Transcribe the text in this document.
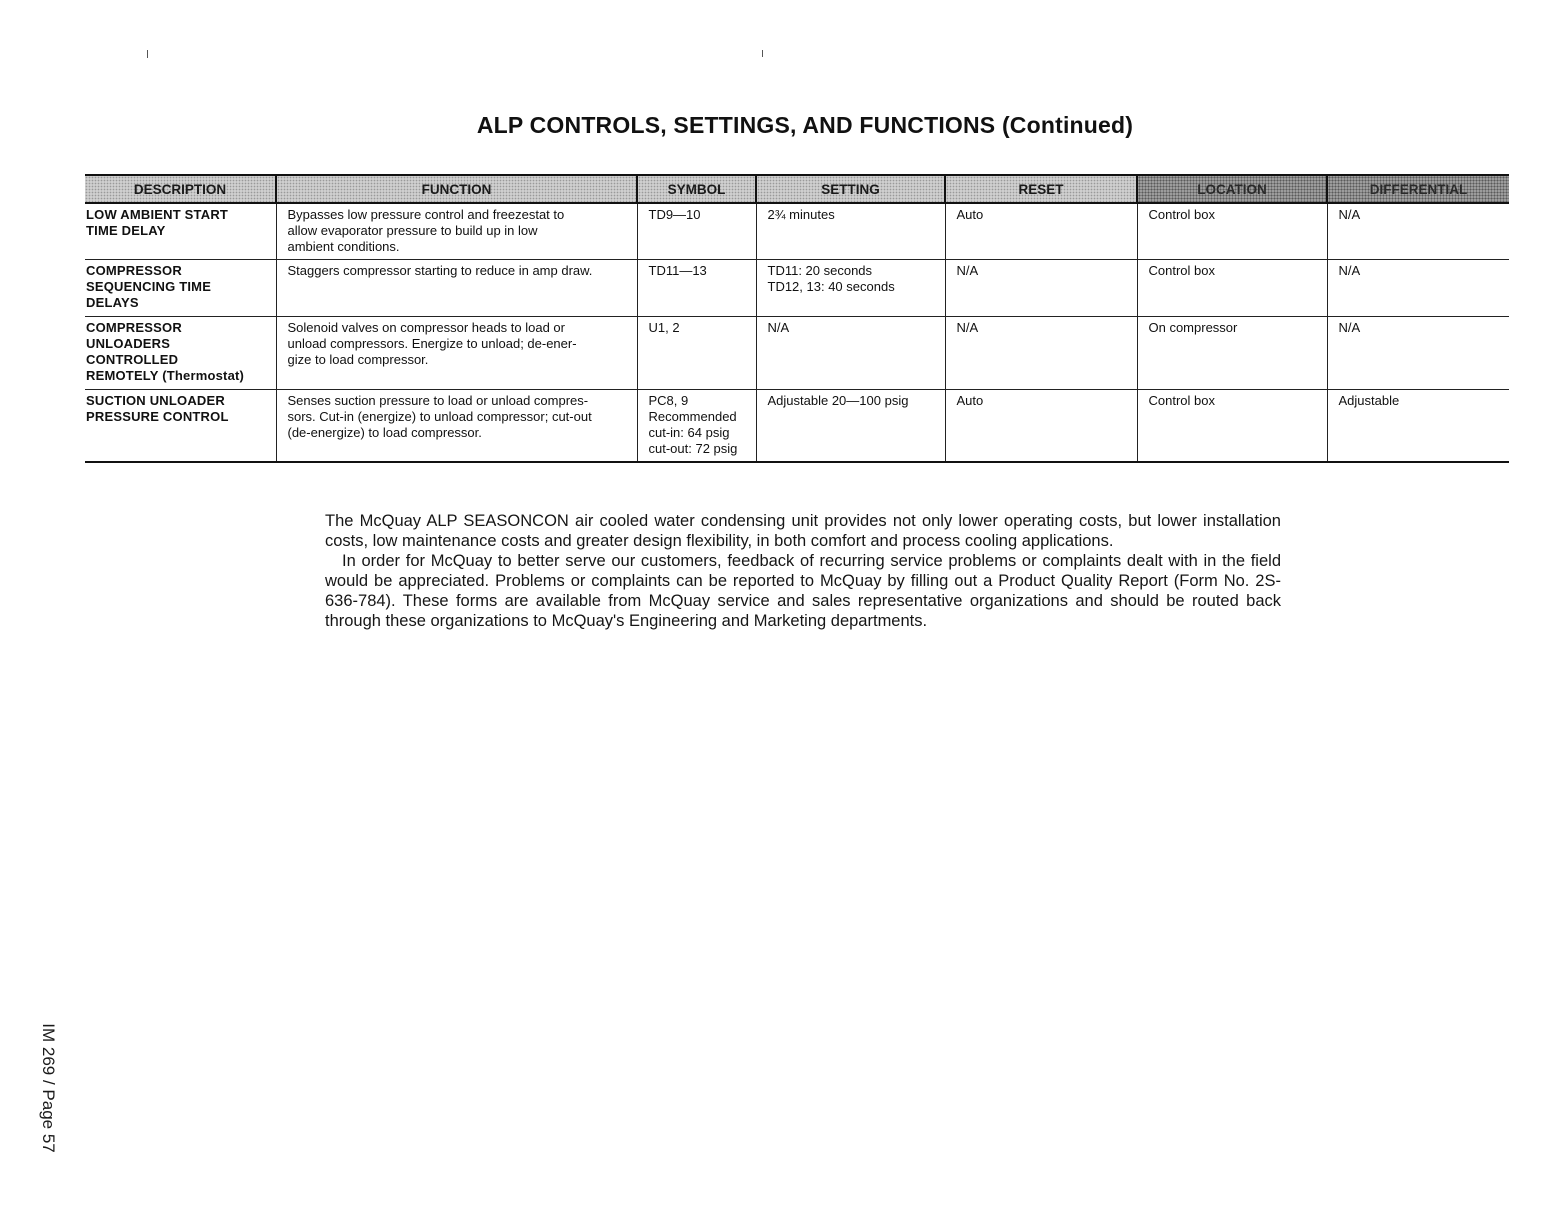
ALP CONTROLS, SETTINGS, AND FUNCTIONS (Continued)
DESCRIPTION	FUNCTION	SYMBOL	SETTING	RESET	LOCATION	DIFFERENTIAL

LOW AMBIENT START
TIME DELAY	Bypasses low pressure control and freezestat to
allow evaporator pressure to build up in low
ambient conditions.	TD9—10	2¾ minutes	Auto	Control box	N/A

COMPRESSOR
SEQUENCING TIME
DELAYS	Staggers compressor starting to reduce in amp draw.	TD11—13	TD11: 20 seconds
TD12, 13: 40 seconds	N/A	Control box	N/A

COMPRESSOR
UNLOADERS
CONTROLLED
REMOTELY (Thermostat)	Solenoid valves on compressor heads to load or
unload compressors. Energize to unload; de-ener-
gize to load compressor.	U1, 2	N/A	N/A	On compressor	N/A

SUCTION UNLOADER
PRESSURE CONTROL	Senses suction pressure to load or unload compres-
sors. Cut-in (energize) to unload compressor; cut-out
(de-energize) to load compressor.	PC8, 9
Recommended
cut-in: 64 psig
cut-out: 72 psig	Adjustable 20—100 psig	Auto	Control box	Adjustable

The McQuay ALP SEASONCON air cooled water condensing unit provides not only lower operating costs, but lower installation costs, low maintenance costs and greater design flexibility, in both comfort and process cooling applications.

In order for McQuay to better serve our customers, feedback of recurring service problems or complaints dealt with in the field would be appreciated. Problems or complaints can be reported to McQuay by filling out a Product Quality Report (Form No. 2S-636-784). These forms are available from McQuay service and sales representative organizations and should be routed back through these organizations to McQuay's Engineering and Marketing departments.

IM 269 / Page 57
